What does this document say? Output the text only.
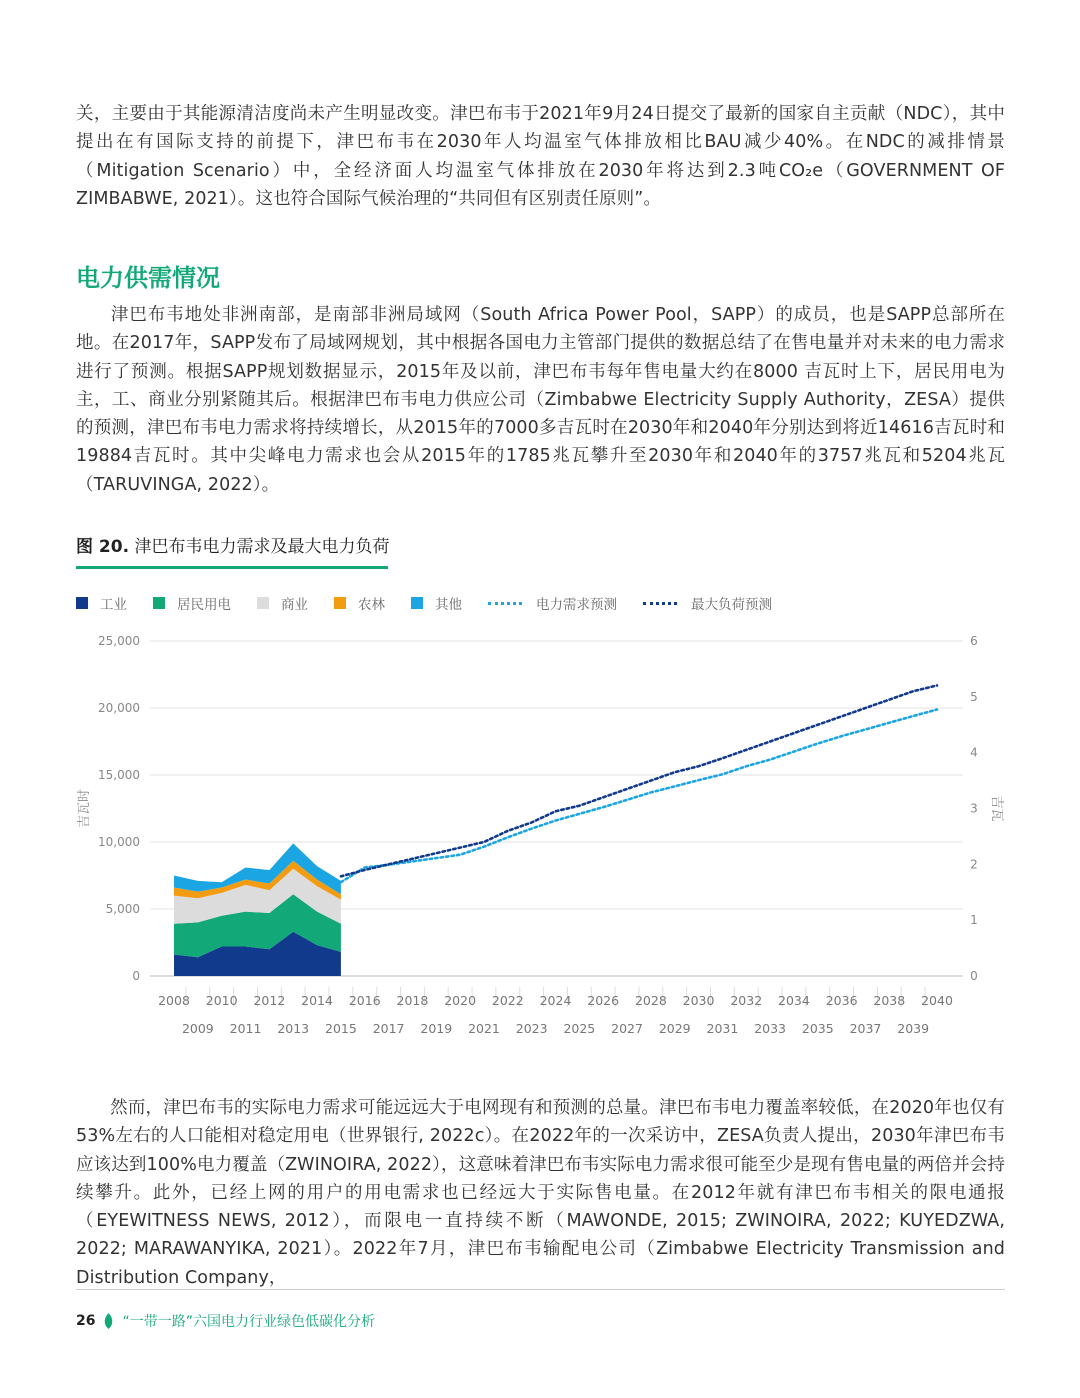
关，主要由于其能源清洁度尚未产生明显改变。津巴布韦于2021年9月24日提交了最新的国家自主贡献（NDC），其中提出在有国际支持的前提下，津巴布韦在2030年人均温室气体排放相比BAU减少40%。在NDC的减排情景（Mitigation Scenario）中，全经济面人均温室气体排放在2030年将达到2.3吨CO₂e（GOVERNMENT OF ZIMBABWE, 2021）。这也符合国际气候治理的“共同但有区别责任原则”。

电力供需情况

津巴布韦地处非洲南部，是南部非洲局域网（South Africa Power Pool，SAPP）的成员，也是SAPP总部所在地。在2017年，SAPP发布了局域网规划，其中根据各国电力主管部门提供的数据总结了在售电量并对未来的电力需求进行了预测。根据SAPP规划数据显示，2015年及以前，津巴布韦每年售电量大约在8000 吉瓦时上下，居民用电为主，工、商业分别紧随其后。根据津巴布韦电力供应公司（Zimbabwe Electricity Supply Authority，ZESA）提供的预测，津巴布韦电力需求将持续增长，从2015年的7000多吉瓦时在2030年和2040年分别达到将近14616吉瓦时和19884吉瓦时。其中尖峰电力需求也会从2015年的1785兆瓦攀升至2030年和2040年的3757兆瓦和5204兆瓦（TARUVINGA, 2022）。

图 20. 津巴布韦电力需求及最大电力负荷
工业	居民用电	商业	农林	其他	电力需求预测	最大负荷预测
25,000
20,000
15,000
10,000
5,000
0
6
5
4
3
2
1
0
吉瓦时	吉瓦
2008 2010 2012 2014 2016 2018 2020 2022 2024 2026 2028 2030 2032 2034 2036 2038 2040
2009 2011 2013 2015 2017 2019 2021 2023 2025 2027 2029 2031 2033 2035 2037 2039

然而，津巴布韦的实际电力需求可能远远大于电网现有和预测的总量。津巴布韦电力覆盖率较低，在2020年也仅有53%左右的人口能相对稳定用电（世界银行, 2022c）。在2022年的一次采访中，ZESA负责人提出，2030年津巴布韦应该达到100%电力覆盖（ZWINOIRA, 2022），这意味着津巴布韦实际电力需求很可能至少是现有售电量的两倍并会持续攀升。此外，已经上网的用户的用电需求也已经远大于实际售电量。在2012年就有津巴布韦相关的限电通报（EYEWITNESS NEWS, 2012），而限电一直持续不断（MAWONDE, 2015; ZWINOIRA, 2022; KUYEDZWA, 2022; MARAWANYIKA, 2021）。2022年7月，津巴布韦输配电公司（Zimbabwe Electricity Transmission and Distribution Company，

26 “一带一路”六国电力行业绿色低碳化分析
